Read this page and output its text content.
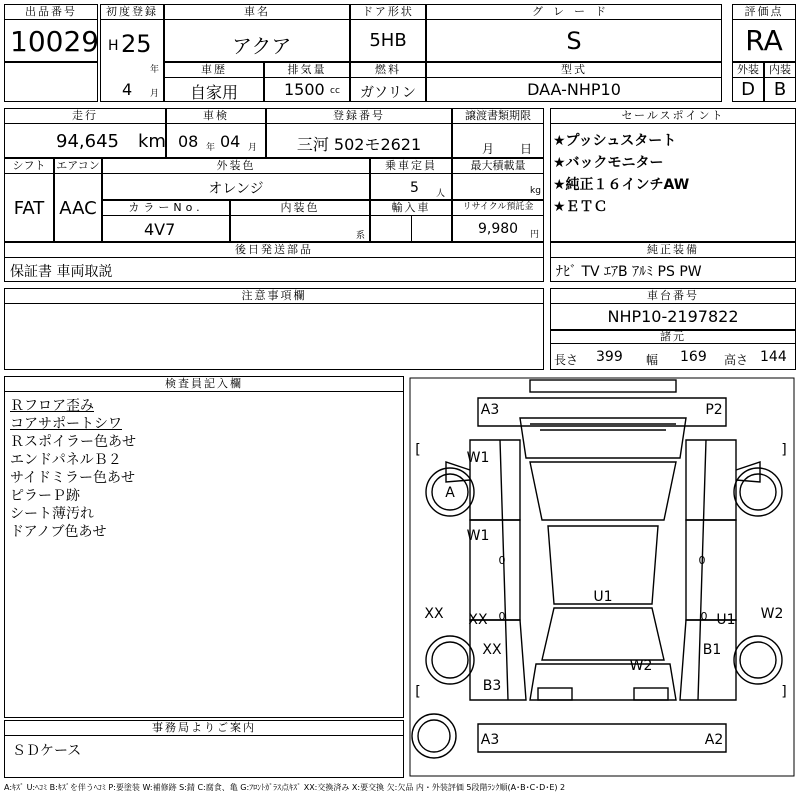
出品番号
10029
初度登録
H 25
年
4 月
車名
アクア
ドア形状
5HB
グレード
S
評価点
RA
車歴
自家用
排気量
1500 cc
燃料
ガソリン
型式
DAA-NHP10
外装
D
内装
B
走行
94,645 km
車検
08 年 04 月
登録番号
三河 502モ2621
譲渡書類期限
月 日
シフト
FAT
エアコン
AAC
外装色
オレンジ
乗車定員
5 人
最大積載量
kg
カラーNo.
4V7
内装色
系
輸入車	リサイクル預託金
9,980 円
後日発送部品
保証書 車両取説
セールスポイント
★プッシュスタート
★バックモニター
★純正１６インチAW
★ＥＴＣ
純正装備
ﾅﾋﾞ TV ｴｱB ｱﾙﾐ PS PW
注意事項欄	車台番号
NHP10-2197822
諸元
長さ 399 幅 169 高さ 144
検査員記入欄
Ｒフロア歪み
コアサポートシワ
Ｒスポイラー色あせ
エンドパネルＢ２
サイドミラー色あせ
ピラーＰ跡
シート薄汚れ
ドアノブ色あせ
事務局よりご案内
ＳＤケース
A3	P2
W1
A
W1
0
U1
0
0
XX XX	0 U1 W2
XX	B1
W2
B3
A3	A2
[	]
[	]
A:ｷｽﾞ U:ﾍｺﾐ B:ｷｽﾞを伴うﾍｺﾐ P:要塗装 W:補修跡 S:錆 C:腐食、亀 G:ﾌﾛﾝﾄｶﾞﾗｽ点ｷｽﾞ XX:交換済み X:要交換 欠:欠品 内・外装評価 5段階ﾗﾝｸ順(A･B･C･D･E) 2
